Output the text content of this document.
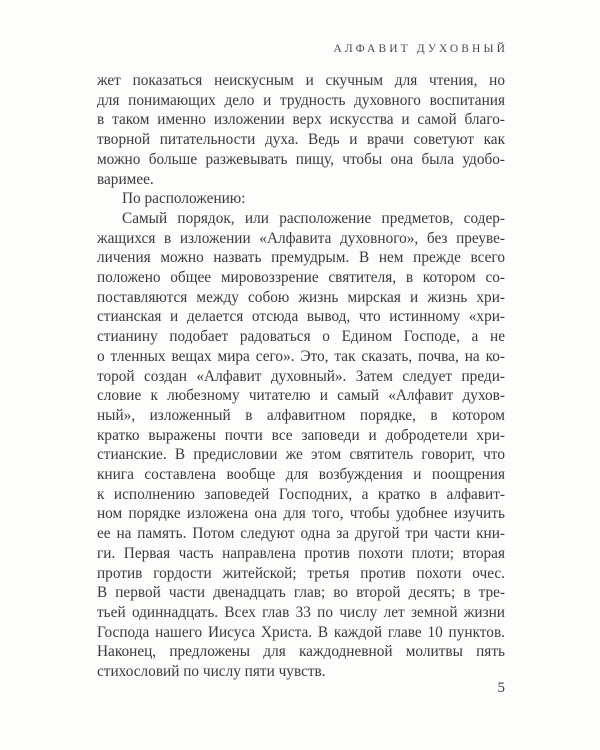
АЛФАВИТ ДУХОВНЫЙ
жет показаться неискусным и скучным для чтения, но
для понимающих дело и трудность духовного воспитания
в таком именно изложении верх искусства и самой благо-
творной питательности духа. Ведь и врачи советуют как
можно больше разжевывать пищу, чтобы она была удобо-
варимее.
По расположению:
Самый порядок, или расположение предметов, содер-
жащихся в изложении «Алфавита духовного», без преуве-
личения можно назвать премудрым. В нем прежде всего
положено общее мировоззрение святителя, в котором со-
поставляются между собою жизнь мирская и жизнь хри-
стианская и делается отсюда вывод, что истинному «хри-
стианину подобает радоваться о Едином Господе, а не
о тленных вещах мира сего». Это, так сказать, почва, на ко-
торой создан «Алфавит духовный». Затем следует преди-
словие к любезному читателю и самый «Алфавит духов-
ный», изложенный в алфавитном порядке, в котором
кратко выражены почти все заповеди и добродетели хри-
стианские. В предисловии же этом святитель говорит, что
книга составлена вообще для возбуждения и поощрения
к исполнению заповедей Господних, а кратко в алфавит-
ном порядке изложена она для того, чтобы удобнее изучить
ее на память. Потом следуют одна за другой три части кни-
ги. Первая часть направлена против похоти плоти; вторая
против гордости житейской; третья против похоти очес.
В первой части двенадцать глав; во второй десять; в тре-
тьей одиннадцать. Всех глав 33 по числу лет земной жизни
Господа нашего Иисуса Христа. В каждой главе 10 пунктов.
Наконец, предложены для каждодневной молитвы пять
стихословий по числу пяти чувств.
5
